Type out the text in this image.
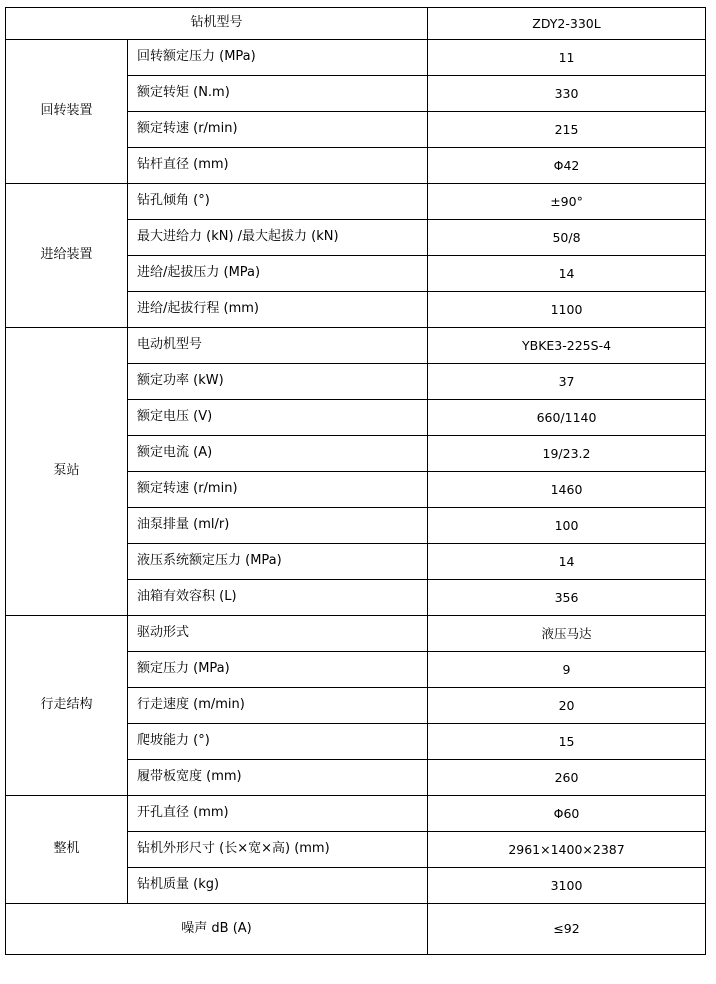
钻机型号		ZDY2-330L
回转装置	回转额定压力 (MPa)	11
	额定转矩 (N.m)	330
	额定转速 (r/min)	215
	钻杆直径 (mm)	Φ42
进给装置	钻孔倾角 (°)	±90°
	最大进给力 (kN) /最大起拔力 (kN)	50/8
	进给/起拔压力 (MPa)	14
	进给/起拔行程 (mm)	1100
泵站	电动机型号	YBKE3-225S-4
	额定功率 (kW)	37
	额定电压 (V)	660/1140
	额定电流 (A)	19/23.2
	额定转速 (r/min)	1460
	油泵排量 (ml/r)	100
	液压系统额定压力 (MPa)	14
	油箱有效容积 (L)	356
行走结构	驱动形式	液压马达
	额定压力 (MPa)	9
	行走速度 (m/min)	20
	爬坡能力 (°)	15
	履带板宽度 (mm)	260
整机	开孔直径 (mm)	Φ60
	钻机外形尺寸 (长×宽×高) (mm)	2961×1400×2387
	钻机质量 (kg)	3100
噪声 dB (A)		≤92
